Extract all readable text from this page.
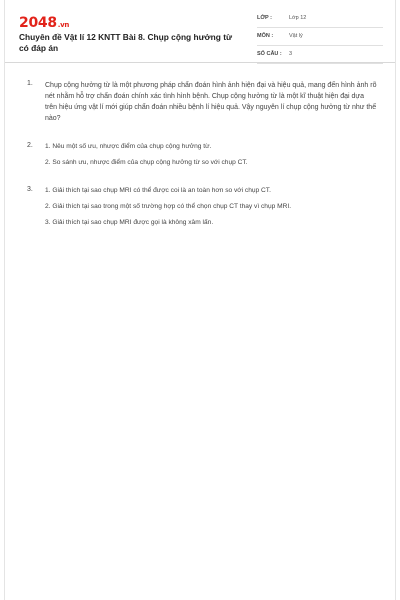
2048.vn
Chuyên đề Vật lí 12 KNTT Bài 8. Chụp cộng hưởng từ có đáp án
LỚP :	Lớp 12
MÔN :	Vật lý
SỐ CÂU : 3
1. Chụp cộng hưởng từ là một phương pháp chẩn đoán hình ảnh hiện đại và hiệu quả, mang đến hình ảnh rõ nét nhằm hỗ trợ chẩn đoán chính xác tình hình bệnh. Chụp cộng hưởng từ là một kĩ thuật hiện đại dựa trên hiệu ứng vật lí mới giúp chẩn đoán nhiều bệnh lí hiệu quả. Vậy nguyên lí chụp cộng hưởng từ như thế nào?
2. 1. Nêu một số ưu, nhược điểm của chụp cộng hưởng từ.
2. So sánh ưu, nhược điểm của chụp cộng hưởng từ so với chụp CT.
3. 1. Giải thích tại sao chụp MRI có thể được coi là an toàn hơn so với chụp CT.
2. Giải thích tại sao trong một số trường hợp có thể chọn chụp CT thay vì chụp MRI.
3. Giải thích tại sao chụp MRI được gọi là không xâm lấn.
